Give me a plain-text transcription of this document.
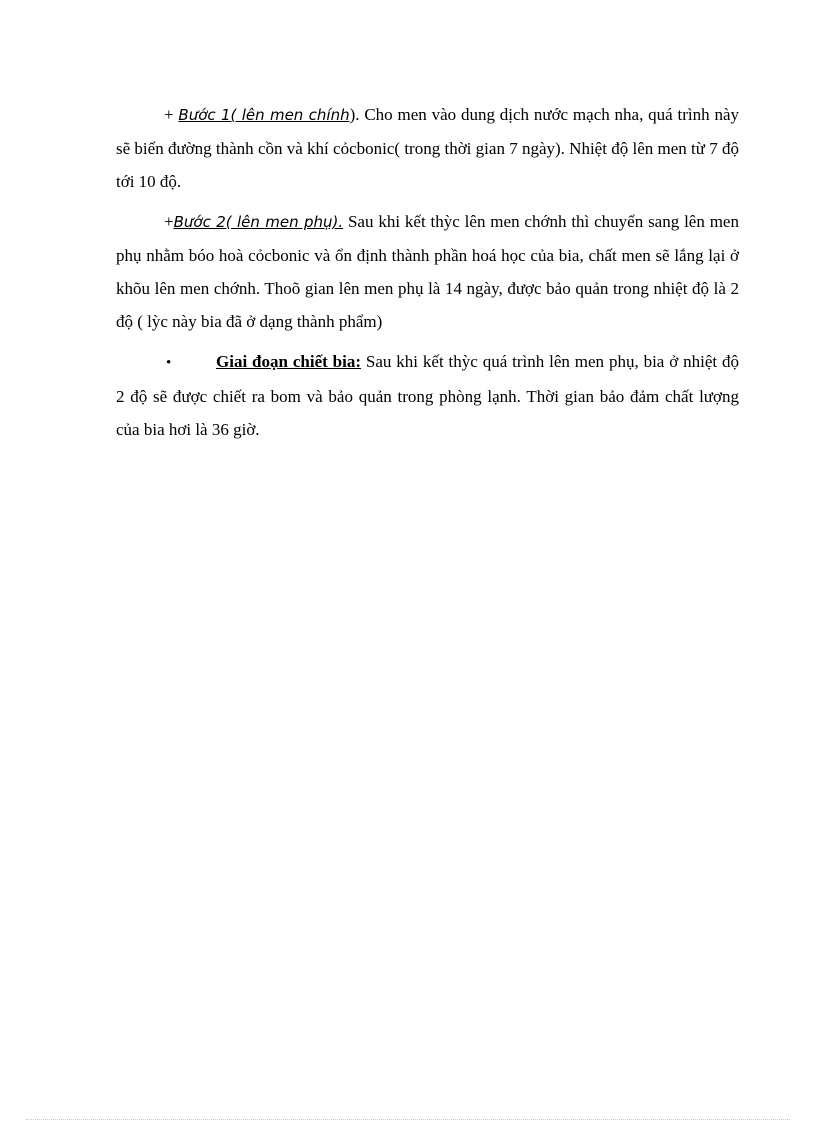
+ Bước 1( lên men chính). Cho men vào dung dịch nước mạch nha, quá trình này sẽ biến đường thành cồn và khí cỏcbonic( trong thời gian 7 ngày). Nhiệt độ lên men từ 7 độ tới 10 độ.

+Bước 2( lên men phụ). Sau khi kết thỳc lên men chớnh thì chuyển sang lên men phụ nhằm bóo hoà cỏcbonic và ổn định thành phần hoá học của bia, chất men sẽ lắng lại ở khõu lên men chớnh. Thoõ gian lên men phụ là 14 ngày, được bảo quản trong nhiệt độ là 2 độ ( lỳc này bia đã ở dạng thành phẩm)

•	Giai đoạn chiết bia: Sau khi kết thỳc quá trình lên men phụ, bia ở nhiệt độ 2 độ sẽ được chiết ra bom và bảo quản trong phòng lạnh. Thời gian bảo đảm chất lượng của bia hơi là 36 giờ.
